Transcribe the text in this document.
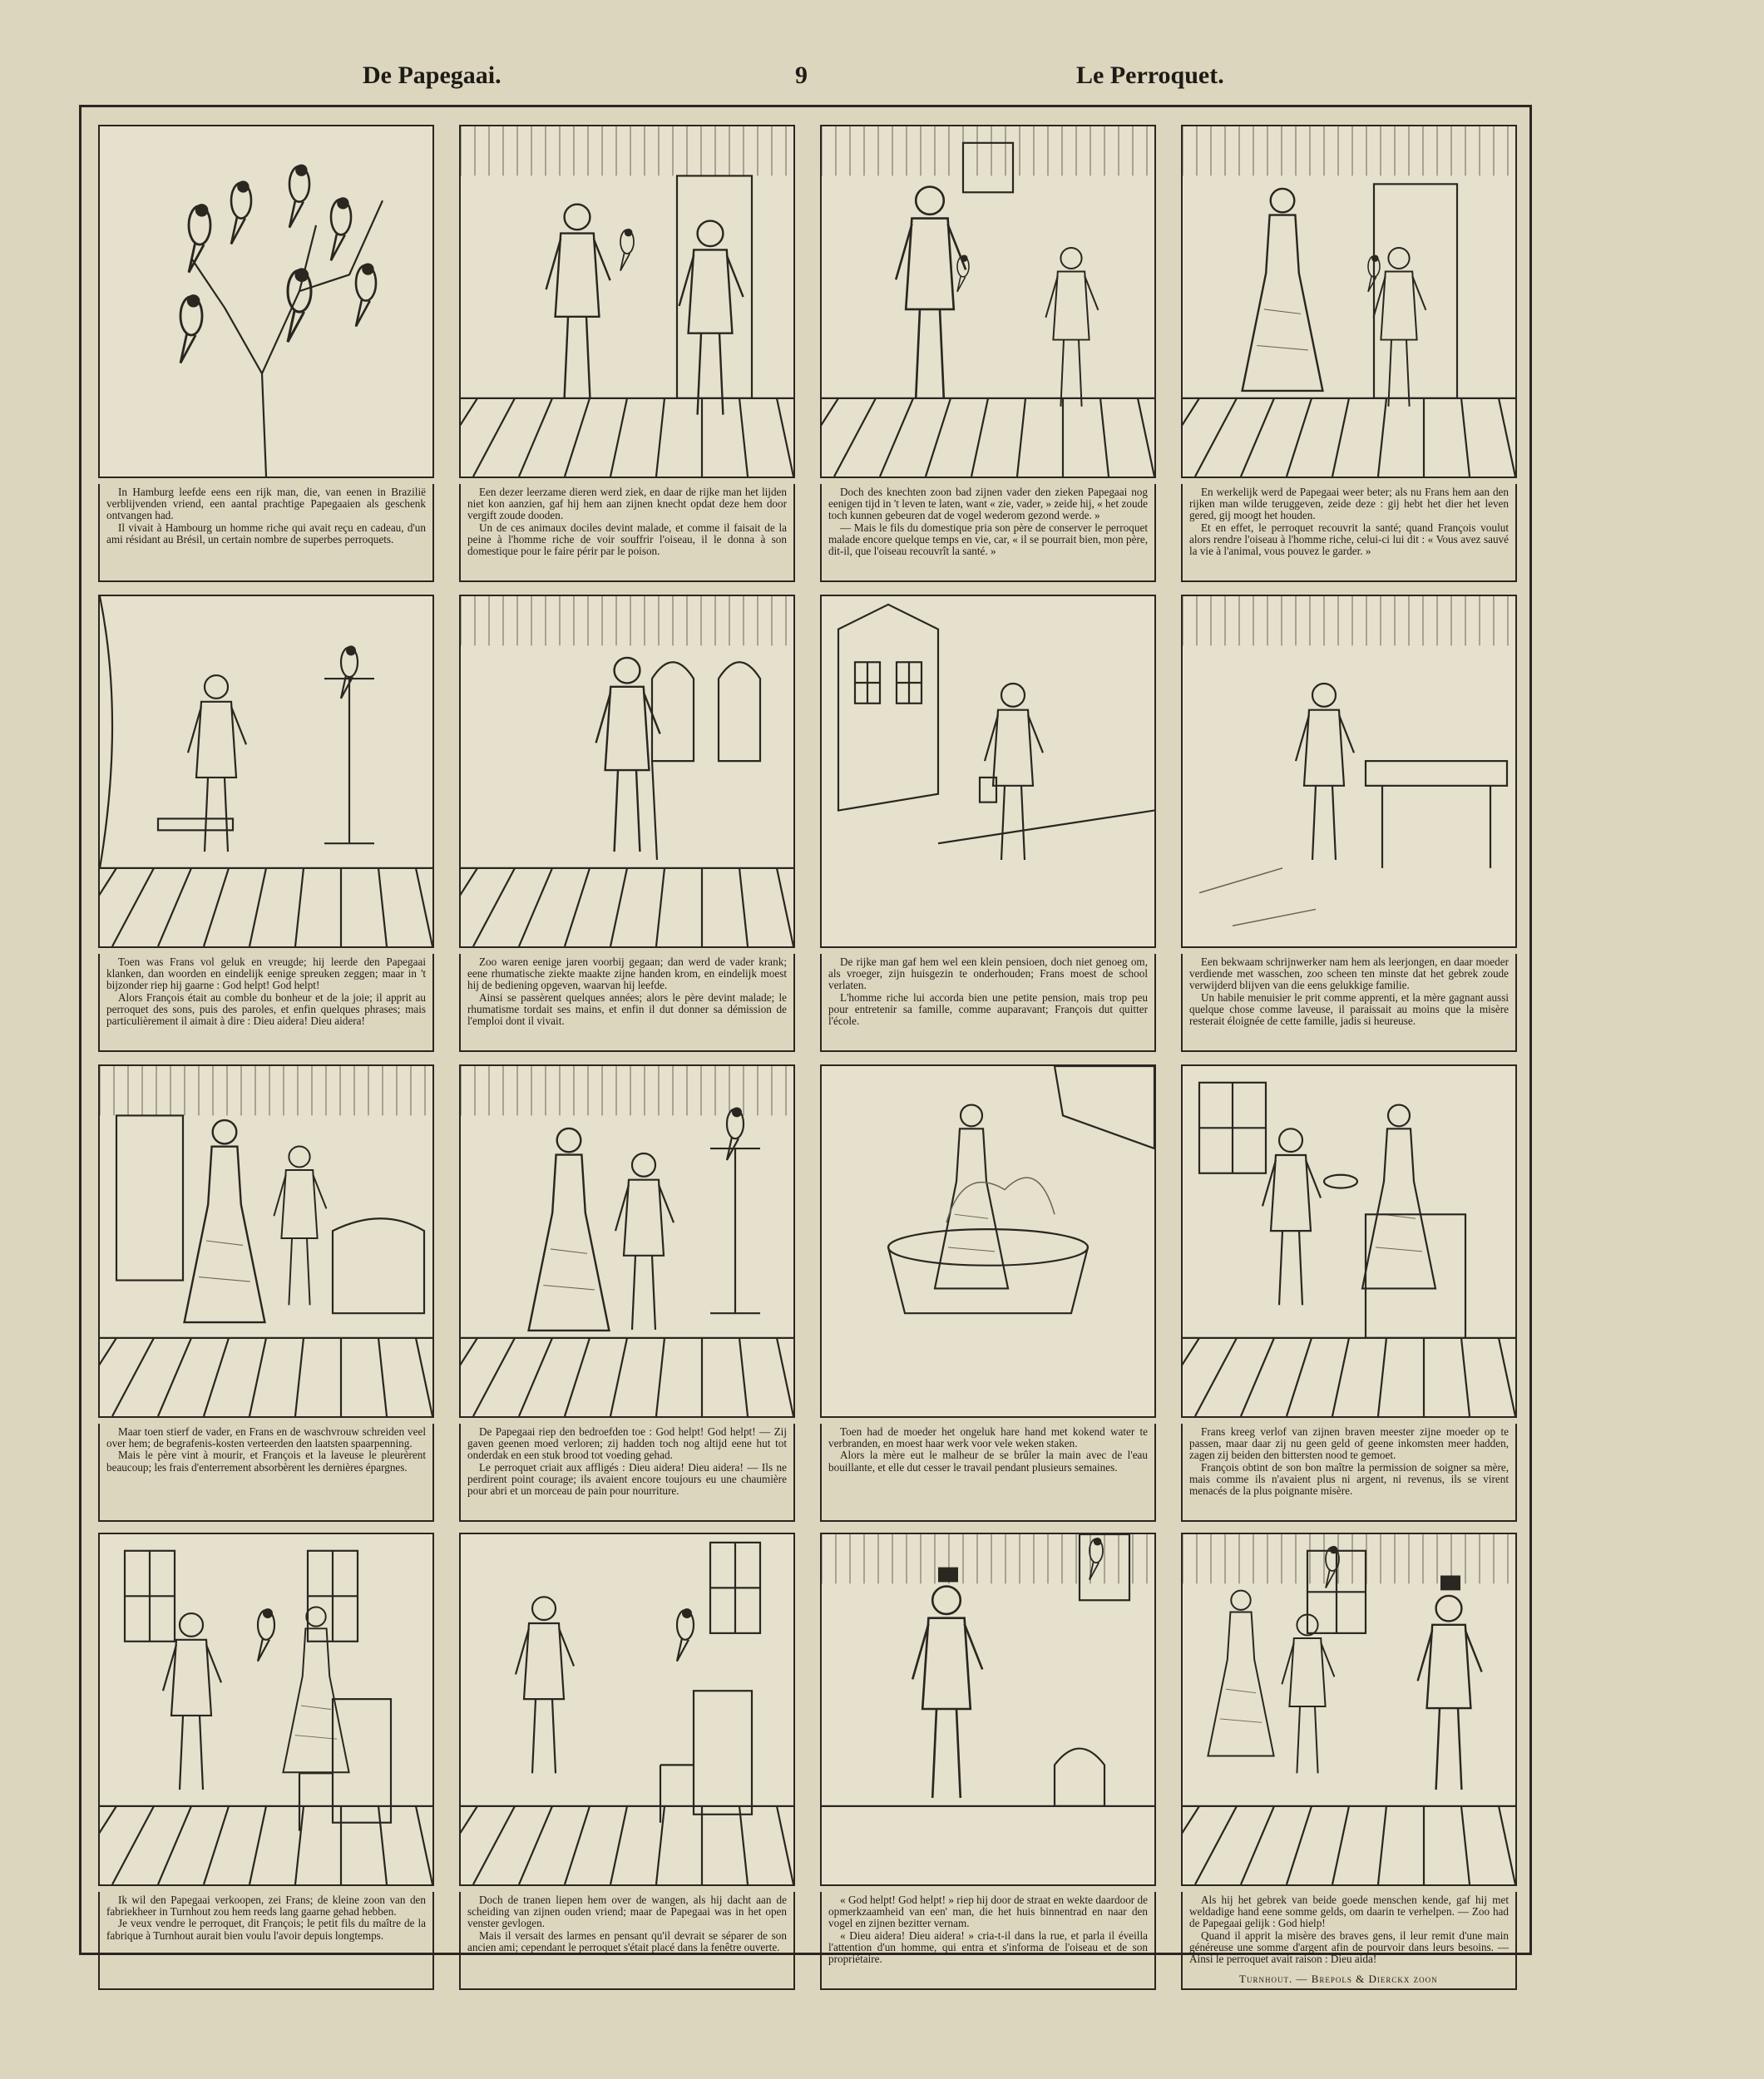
De Papegaai.	9	Le Perroquet.

In Hamburg leefde eens een rijk man, die, van eenen in Brazilië verblijvenden vriend, een aantal prachtige Papegaaien als geschenk ontvangen had.

Il vivait à Hambourg un homme riche qui avait reçu en cadeau, d'un ami résidant au Brésil, un certain nombre de superbes perroquets.

Een dezer leerzame dieren werd ziek, en daar de rijke man het lijden niet kon aanzien, gaf hij hem aan zijnen knecht opdat deze hem door vergift zoude dooden.

Un de ces animaux dociles devint malade, et comme il faisait de la peine à l'homme riche de voir souffrir l'oiseau, il le donna à son domestique pour le faire périr par le poison.

Doch des knechten zoon bad zijnen vader den zieken Papegaai nog eenigen tijd in 't leven te laten, want « zie, vader, » zeide hij, « het zoude toch kunnen gebeuren dat de vogel wederom gezond werde. »

— Mais le fils du domestique pria son père de conserver le perroquet malade encore quelque temps en vie, car, « il se pourrait bien, mon père, dit-il, que l'oiseau recouvrît la santé. »

En werkelijk werd de Papegaai weer beter; als nu Frans hem aan den rijken man wilde teruggeven, zeide deze : gij hebt het dier het leven gered, gij moogt het houden.

Et en effet, le perroquet recouvrit la santé; quand François voulut alors rendre l'oiseau à l'homme riche, celui-ci lui dit : « Vous avez sauvé la vie à l'animal, vous pouvez le garder. »

Toen was Frans vol geluk en vreugde; hij leerde den Papegaai klanken, dan woorden en eindelijk eenige spreuken zeggen; maar in 't bijzonder riep hij gaarne : God helpt! God helpt!

Alors François était au comble du bonheur et de la joie; il apprit au perroquet des sons, puis des paroles, et enfin quelques phrases; mais particulièrement il aimait à dire : Dieu aidera! Dieu aidera!

Zoo waren eenige jaren voorbij gegaan; dan werd de vader krank; eene rhumatische ziekte maakte zijne handen krom, en eindelijk moest hij de bediening opgeven, waarvan hij leefde.

Ainsi se passèrent quelques années; alors le père devint malade; le rhumatisme tordait ses mains, et enfin il dut donner sa démission de l'emploi dont il vivait.

De rijke man gaf hem wel een klein pensioen, doch niet genoeg om, als vroeger, zijn huisgezin te onderhouden; Frans moest de school verlaten.

L'homme riche lui accorda bien une petite pension, mais trop peu pour entretenir sa famille, comme auparavant; François dut quitter l'école.

Een bekwaam schrijnwerker nam hem als leerjongen, en daar moeder verdiende met wasschen, zoo scheen ten minste dat het gebrek zoude verwijderd blijven van die eens gelukkige familie.

Un habile menuisier le prit comme apprenti, et la mère gagnant aussi quelque chose comme laveuse, il paraissait au moins que la misère resterait éloignée de cette famille, jadis si heureuse.

Maar toen stierf de vader, en Frans en de waschvrouw schreiden veel over hem; de begrafenis-kosten verteerden den laatsten spaarpenning.

Mais le père vint à mourir, et François et la laveuse le pleurèrent beaucoup; les frais d'enterrement absorbèrent les dernières épargnes.

De Papegaai riep den bedroefden toe : God helpt! God helpt! — Zij gaven geenen moed verloren; zij hadden toch nog altijd eene hut tot onderdak en een stuk brood tot voeding gehad.

Le perroquet criait aux affligés : Dieu aidera! Dieu aidera! — Ils ne perdirent point courage; ils avaient encore toujours eu une chaumière pour abri et un morceau de pain pour nourriture.

Toen had de moeder het ongeluk hare hand met kokend water te verbranden, en moest haar werk voor vele weken staken.

Alors la mère eut le malheur de se brûler la main avec de l'eau bouillante, et elle dut cesser le travail pendant plusieurs semaines.

Frans kreeg verlof van zijnen braven meester zijne moeder op te passen, maar daar zij nu geen geld of geene inkomsten meer hadden, zagen zij beiden den bittersten nood te gemoet.

François obtint de son bon maître la permission de soigner sa mère, mais comme ils n'avaient plus ni argent, ni revenus, ils se virent menacés de la plus poignante misère.

Ik wil den Papegaai verkoopen, zei Frans; de kleine zoon van den fabriekheer in Turnhout zou hem reeds lang gaarne gehad hebben.

Je veux vendre le perroquet, dit François; le petit fils du maître de la fabrique à Turnhout aurait bien voulu l'avoir depuis longtemps.

Doch de tranen liepen hem over de wangen, als hij dacht aan de scheiding van zijnen ouden vriend; maar de Papegaai was in het open venster gevlogen.

Mais il versait des larmes en pensant qu'il devrait se séparer de son ancien ami; cependant le perroquet s'était placé dans la fenêtre ouverte.

« God helpt! God helpt! » riep hij door de straat en wekte daardoor de opmerkzaamheid van een' man, die het huis binnentrad en naar den vogel en zijnen bezitter vernam.

« Dieu aidera! Dieu aidera! » cria-t-il dans la rue, et parla il éveilla l'attention d'un homme, qui entra et s'informa de l'oiseau et de son propriétaire.

Als hij het gebrek van beide goede menschen kende, gaf hij met weldadige hand eene somme gelds, om daarin te verhelpen. — Zoo had de Papegaai gelijk : God hielp!

Quand il apprit la misère des braves gens, il leur remit d'une main généreuse une somme d'argent afin de pourvoir dans leurs besoins. — Ainsi le perroquet avait raison : Dieu aida!

Turnhout. — Brepols & Dierckx zoon
